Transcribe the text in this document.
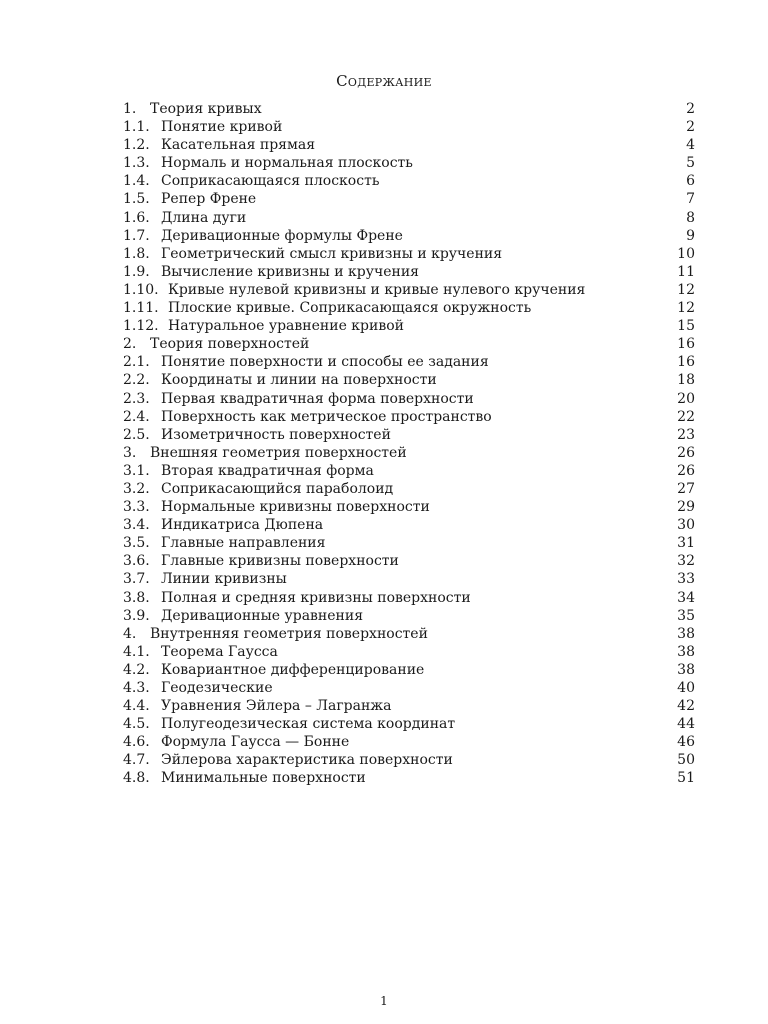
Содержание
1. Теория кривых	2
1.1. Понятие кривой	2
1.2. Касательная прямая	4
1.3. Нормаль и нормальная плоскость	5
1.4. Соприкасающаяся плоскость	6
1.5. Репер Френе	7
1.6. Длина дуги	8
1.7. Деривационные формулы Френе	9
1.8. Геометрический смысл кривизны и кручения	10
1.9. Вычисление кривизны и кручения	11
1.10. Кривые нулевой кривизны и кривые нулевого кручения	12
1.11. Плоские кривые. Соприкасающаяся окружность	12
1.12. Натуральное уравнение кривой	15
2. Теория поверхностей	16
2.1. Понятие поверхности и способы ее задания	16
2.2. Координаты и линии на поверхности	18
2.3. Первая квадратичная форма поверхности	20
2.4. Поверхность как метрическое пространство	22
2.5. Изометричность поверхностей	23
3. Внешняя геометрия поверхностей	26
3.1. Вторая квадратичная форма	26
3.2. Соприкасающийся параболоид	27
3.3. Нормальные кривизны поверхности	29
3.4. Индикатриса Дюпена	30
3.5. Главные направления	31
3.6. Главные кривизны поверхности	32
3.7. Линии кривизны	33
3.8. Полная и средняя кривизны поверхности	34
3.9. Деривационные уравнения	35
4. Внутренняя геометрия поверхностей	38
4.1. Теорема Гаусса	38
4.2. Ковариантное дифференцирование	38
4.3. Геодезические	40
4.4. Уравнения Эйлера – Лагранжа	42
4.5. Полугеодезическая система координат	44
4.6. Формула Гаусса — Бонне	46
4.7. Эйлерова характеристика поверхности	50
4.8. Минимальные поверхности	51
1
